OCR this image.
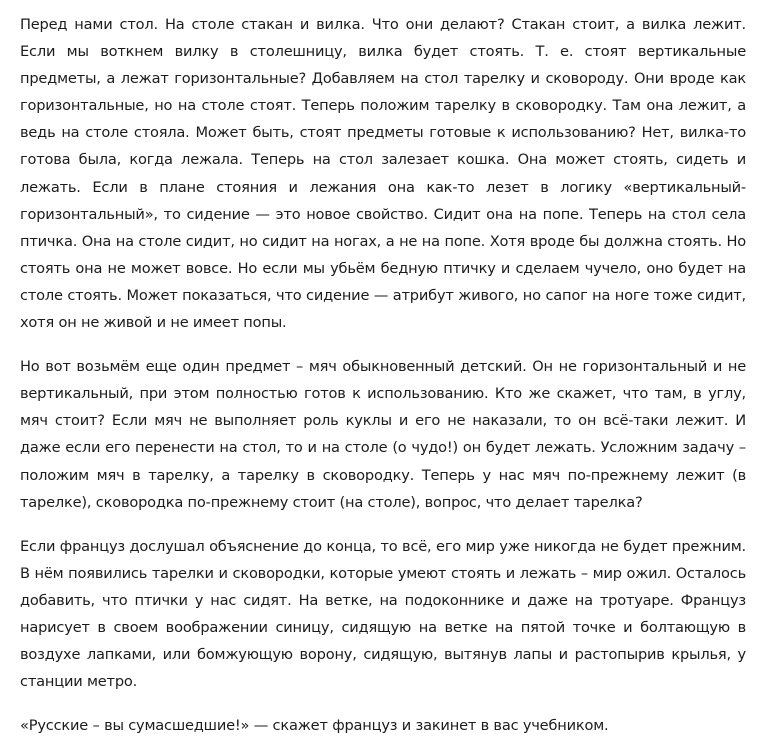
Перед нами стол. На столе стакан и вилка. Что они делают? Стакан стоит, а вилка лежит. Если мы воткнем вилку в столешницу, вилка будет стоять. Т. е. стоят вертикальные предметы, а лежат горизонтальные? Добавляем на стол тарелку и сковороду. Они вроде как горизонтальные, но на столе стоят. Теперь положим тарелку в сковородку. Там она лежит, а ведь на столе стояла. Может быть, стоят предметы готовые к использованию? Нет, вилка-то готова была, когда лежала. Теперь на стол залезает кошка. Она может стоять, сидеть и лежать. Если в плане стояния и лежания она как-то лезет в логику «вертикальный-горизонтальный», то сидение — это новое свойство. Сидит она на попе. Теперь на стол села птичка. Она на столе сидит, но сидит на ногах, а не на попе. Хотя вроде бы должна стоять. Но стоять она не может вовсе. Но если мы убьём бедную птичку и сделаем чучело, оно будет на столе стоять. Может показаться, что сидение — атрибут живого, но сапог на ноге тоже сидит, хотя он не живой и не имеет попы.

Но вот возьмём еще один предмет – мяч обыкновенный детский. Он не горизонтальный и не вертикальный, при этом полностью готов к использованию. Кто же скажет, что там, в углу, мяч стоит? Если мяч не выполняет роль куклы и его не наказали, то он всё-таки лежит. И даже если его перенести на стол, то и на столе (о чудо!) он будет лежать. Усложним задачу – положим мяч в тарелку, а тарелку в сковородку. Теперь у нас мяч по-прежнему лежит (в тарелке), сковородка по-прежнему стоит (на столе), вопрос, что делает тарелка?

Если француз дослушал объяснение до конца, то всё, его мир уже никогда не будет прежним. В нём появились тарелки и сковородки, которые умеют стоять и лежать – мир ожил. Осталось добавить, что птички у нас сидят. На ветке, на подоконнике и даже на тротуаре. Француз нарисует в своем воображении синицу, сидящую на ветке на пятой точке и болтающую в воздухе лапками, или бомжующую ворону, сидящую, вытянув лапы и растопырив крылья, у станции метро.

«Русские – вы сумасшедшие!» — скажет француз и закинет в вас учебником.
